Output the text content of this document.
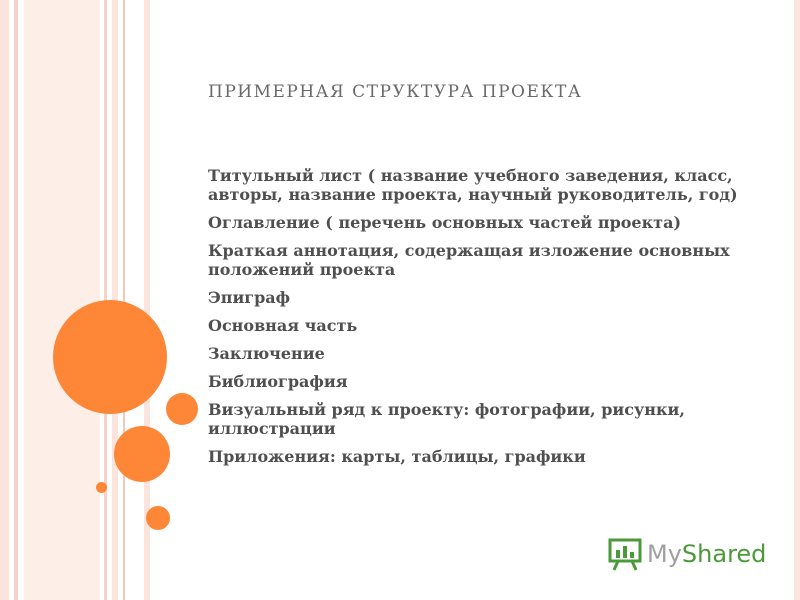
ПРИМЕРНАЯ СТРУКТУРА ПРОЕКТА
Титульный лист ( название учебного заведения, класс, авторы, название проекта, научный руководитель, год)
Оглавление ( перечень основных частей проекта)
Краткая аннотация, содержащая изложение основных положений проекта
Эпиграф
Основная часть
Заключение
Библиография
Визуальный ряд к проекту: фотографии, рисунки, иллюстрации
Приложения: карты, таблицы, графики
MyShared
